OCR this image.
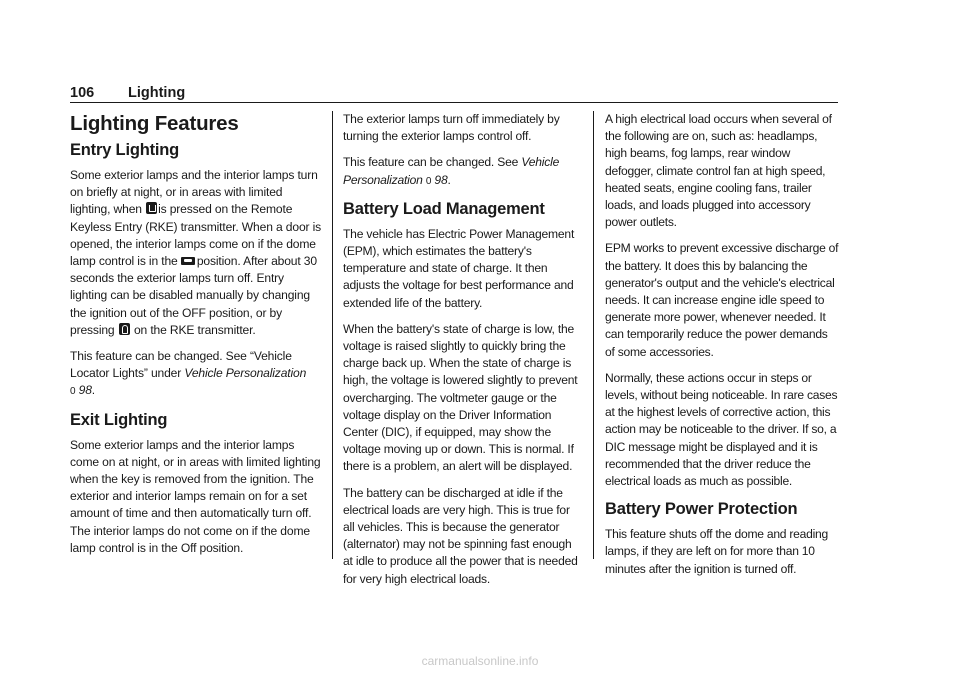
106 Lighting
Lighting Features
Entry Lighting

Some exterior lamps and the interior lamps turn on briefly at night, or in areas with limited lighting, when is pressed on the Remote Keyless Entry (RKE) transmitter. When a door is opened, the interior lamps come on if the dome lamp control is in the position. After about 30 seconds the exterior lamps turn off. Entry lighting can be disabled manually by changing the ignition out of the OFF position, or by pressing on the RKE transmitter.

This feature can be changed. See “Vehicle Locator Lights” under Vehicle Personalization
0 98.

Exit Lighting

Some exterior lamps and the interior lamps come on at night, or in areas with limited lighting when the key is removed from the ignition. The exterior and interior lamps remain on for a set amount of time and then automatically turn off. The interior lamps do not come on if the dome lamp control is in the Off position.

The exterior lamps turn off immediately by turning the exterior lamps control off.

This feature can be changed. See Vehicle Personalization 0 98.

Battery Load Management

The vehicle has Electric Power Management (EPM), which estimates the battery's temperature and state of charge. It then adjusts the voltage for best performance and extended life of the battery.

When the battery's state of charge is low, the voltage is raised slightly to quickly bring the charge back up. When the state of charge is high, the voltage is lowered slightly to prevent overcharging. The voltmeter gauge or the voltage display on the Driver Information Center (DIC), if equipped, may show the voltage moving up or down. This is normal. If there is a problem, an alert will be displayed.

The battery can be discharged at idle if the electrical loads are very high. This is true for all vehicles. This is because the generator (alternator) may not be spinning fast enough at idle to produce all the power that is needed for very high electrical loads.

A high electrical load occurs when several of the following are on, such as: headlamps, high beams, fog lamps, rear window defogger, climate control fan at high speed, heated seats, engine cooling fans, trailer loads, and loads plugged into accessory power outlets.

EPM works to prevent excessive discharge of the battery. It does this by balancing the generator's output and the vehicle's electrical needs. It can increase engine idle speed to generate more power, whenever needed. It can temporarily reduce the power demands of some accessories.

Normally, these actions occur in steps or levels, without being noticeable. In rare cases at the highest levels of corrective action, this action may be noticeable to the driver. If so, a DIC message might be displayed and it is recommended that the driver reduce the electrical loads as much as possible.

Battery Power Protection

This feature shuts off the dome and reading lamps, if they are left on for more than 10 minutes after the ignition is turned off.

carmanualsonline.info
